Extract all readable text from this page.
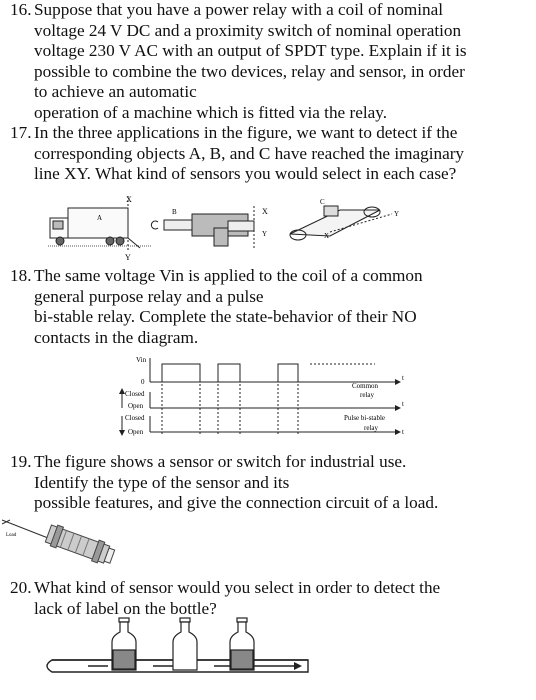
16. Suppose that you have a power relay with a coil of nominal
voltage 24 V DC and a proximity switch of nominal operation
voltage 230 V AC with an output of SPDT type. Explain if it is
possible to combine the two devices, relay and sensor, in order
to achieve an automatic
operation of a machine which is fitted via the relay.
17. In the three applications in the figure, we want to detect if the
corresponding objects A, B, and C have reached the imaginary
line XY. What kind of sensors you would select in each case?
X
A
Y
B	X
Y
C
Y
X
18. The same voltage Vin is applied to the coil of a common
general purpose relay and a pulse
bi-stable relay. Complete the state-behavior of their NO
contacts in the diagram.
Vin
0
Closed
Open
Closed
Open
t
Common
relay
t
Pulse bi-stable
relay	t
19. The figure shows a sensor or switch for industrial use.
Identify the type of the sensor and its
possible features, and give the connection circuit of a load.
Load
20. What kind of sensor would you select in order to detect the
lack of label on the bottle?
